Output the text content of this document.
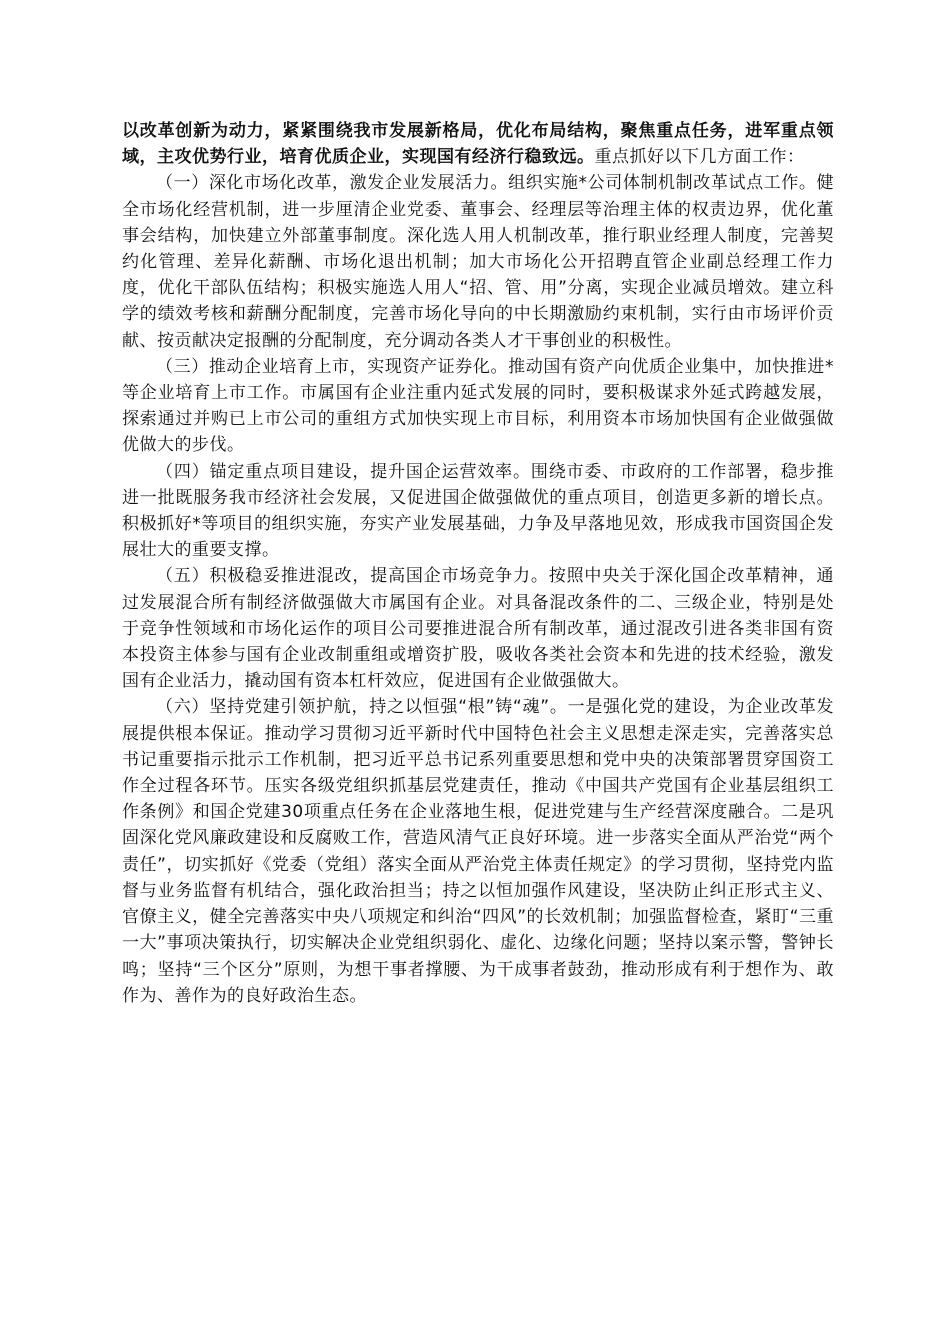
以改革创新为动力，紧紧围绕我市发展新格局，优化布局结构，聚焦重点任务，进军重点领域，主攻优势行业，培育优质企业，实现国有经济行稳致远。重点抓好以下几方面工作：

（一）深化市场化改革，激发企业发展活力。组织实施*公司体制机制改革试点工作。健全市场化经营机制，进一步厘清企业党委、董事会、经理层等治理主体的权责边界，优化董事会结构，加快建立外部董事制度。深化选人用人机制改革，推行职业经理人制度，完善契约化管理、差异化薪酬、市场化退出机制；加大市场化公开招聘直管企业副总经理工作力度，优化干部队伍结构；积极实施选人用人“招、管、用”分离，实现企业减员增效。建立科学的绩效考核和薪酬分配制度，完善市场化导向的中长期激励约束机制，实行由市场评价贡献、按贡献决定报酬的分配制度，充分调动各类人才干事创业的积极性。

（三）推动企业培育上市，实现资产证券化。推动国有资产向优质企业集中，加快推进*等企业培育上市工作。市属国有企业注重内延式发展的同时，要积极谋求外延式跨越发展，探索通过并购已上市公司的重组方式加快实现上市目标，利用资本市场加快国有企业做强做优做大的步伐。

（四）锚定重点项目建设，提升国企运营效率。围绕市委、市政府的工作部署，稳步推进一批既服务我市经济社会发展，又促进国企做强做优的重点项目，创造更多新的增长点。积极抓好*等项目的组织实施，夯实产业发展基础，力争及早落地见效，形成我市国资国企发展壮大的重要支撑。

（五）积极稳妥推进混改，提高国企市场竞争力。按照中央关于深化国企改革精神，通过发展混合所有制经济做强做大市属国有企业。对具备混改条件的二、三级企业，特别是处于竞争性领域和市场化运作的项目公司要推进混合所有制改革，通过混改引进各类非国有资本投资主体参与国有企业改制重组或增资扩股，吸收各类社会资本和先进的技术经验，激发国有企业活力，撬动国有资本杠杆效应，促进国有企业做强做大。

（六）坚持党建引领护航，持之以恒强“根”铸“魂”。一是强化党的建设，为企业改革发展提供根本保证。推动学习贯彻习近平新时代中国特色社会主义思想走深走实，完善落实总书记重要指示批示工作机制，把习近平总书记系列重要思想和党中央的决策部署贯穿国资工作全过程各环节。压实各级党组织抓基层党建责任，推动《中国共产党国有企业基层组织工作条例》和国企党建30项重点任务在企业落地生根，促进党建与生产经营深度融合。二是巩固深化党风廉政建设和反腐败工作，营造风清气正良好环境。进一步落实全面从严治党“两个责任”，切实抓好《党委（党组）落实全面从严治党主体责任规定》的学习贯彻，坚持党内监督与业务监督有机结合，强化政治担当；持之以恒加强作风建设，坚决防止纠正形式主义、官僚主义，健全完善落实中央八项规定和纠治“四风”的长效机制；加强监督检查，紧盯“三重一大”事项决策执行，切实解决企业党组织弱化、虚化、边缘化问题；坚持以案示警，警钟长鸣；坚持“三个区分”原则，为想干事者撑腰、为干成事者鼓劲，推动形成有利于想作为、敢作为、善作为的良好政治生态。
